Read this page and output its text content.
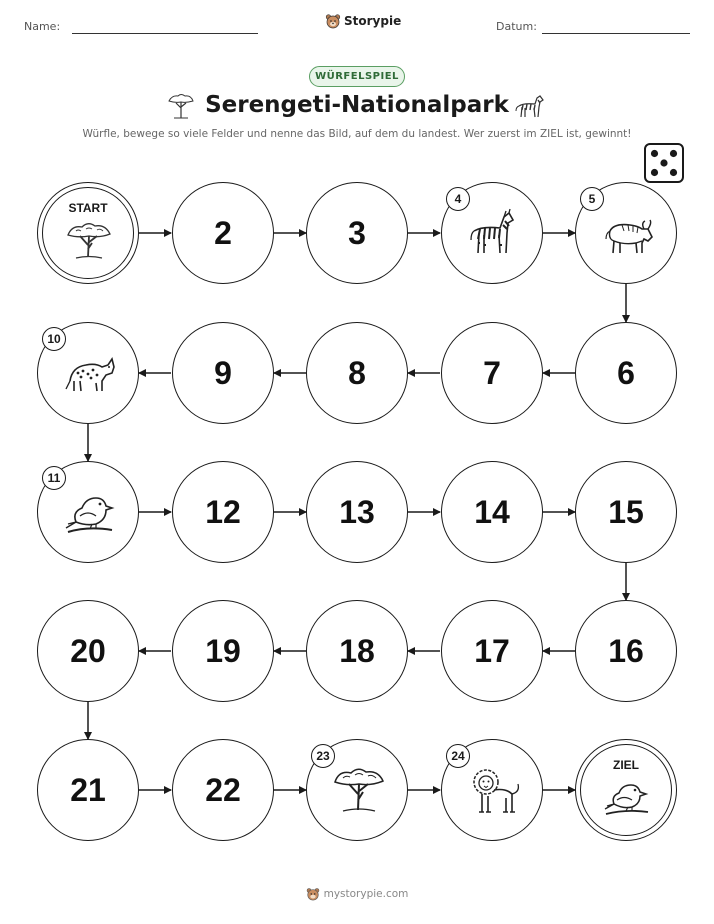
Name:	Storypie	Datum:
WÜRFELSPIEL
Serengeti-Nationalpark
Würfle, bewege so viele Felder und nenne das Bild, auf dem du landest. Wer zuerst im ZIEL ist, gewinnt!
START
2	3
4	5
10
9	8	7	6
11
12	13	14	15
20	19	18	17	16
21	22
23	24
ZIEL
mystorypie.com
